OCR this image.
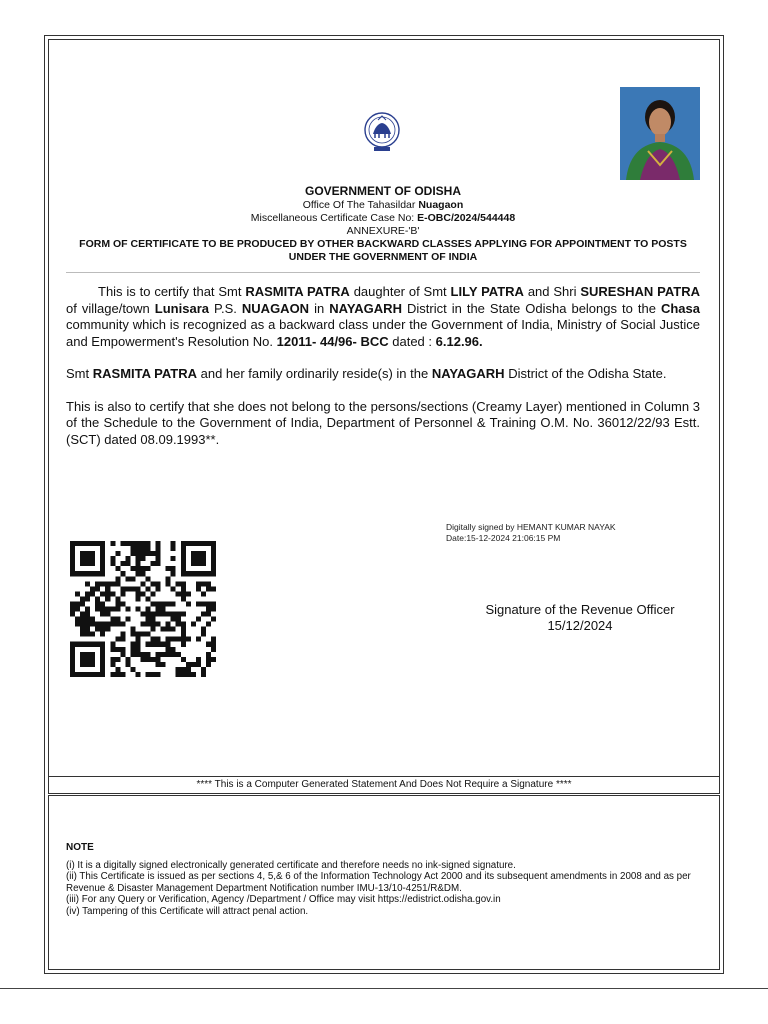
GOVERNMENT OF ODISHA
Office Of The Tahasildar Nuagaon
Miscellaneous Certificate Case No: E-OBC/2024/544448
ANNEXURE-'B'
FORM OF CERTIFICATE TO BE PRODUCED BY OTHER BACKWARD CLASSES APPLYING FOR APPOINTMENT TO POSTS UNDER THE GOVERNMENT OF INDIA

This is to certify that Smt RASMITA PATRA daughter of Smt LILY PATRA and Shri SURESHAN PATRA of village/town Lunisara P.S. NUAGAON in NAYAGARH District in the State Odisha belongs to the Chasa community which is recognized as a backward class under the Government of India, Ministry of Social Justice and Empowerment's Resolution No. 12011- 44/96- BCC dated : 6.12.96.

Smt RASMITA PATRA and her family ordinarily reside(s) in the NAYAGARH District of the Odisha State.

This is also to certify that she does not belong to the persons/sections (Creamy Layer) mentioned in Column 3 of the Schedule to the Government of India, Department of Personnel & Training O.M. No. 36012/22/93 Estt.(SCT) dated 08.09.1993**.

Digitally signed by HEMANT KUMAR NAYAK
Date:15-12-2024 21:06:15 PM
Signature of the Revenue Officer
15/12/2024
**** This is a Computer Generated Statement And Does Not Require a Signature ****
NOTE
(i) It is a digitally signed electronically generated certificate and therefore needs no ink-signed signature.
(ii) This Certificate is issued as per sections 4, 5,& 6 of the Information Technology Act 2000 and its subsequent amendments in 2008 and as per Revenue & Disaster Management Department Notification number IMU-13/10-4251/R&DM.
(iii) For any Query or Verification, Agency /Department / Office may visit https://edistrict.odisha.gov.in
(iv) Tampering of this Certificate will attract penal action.
